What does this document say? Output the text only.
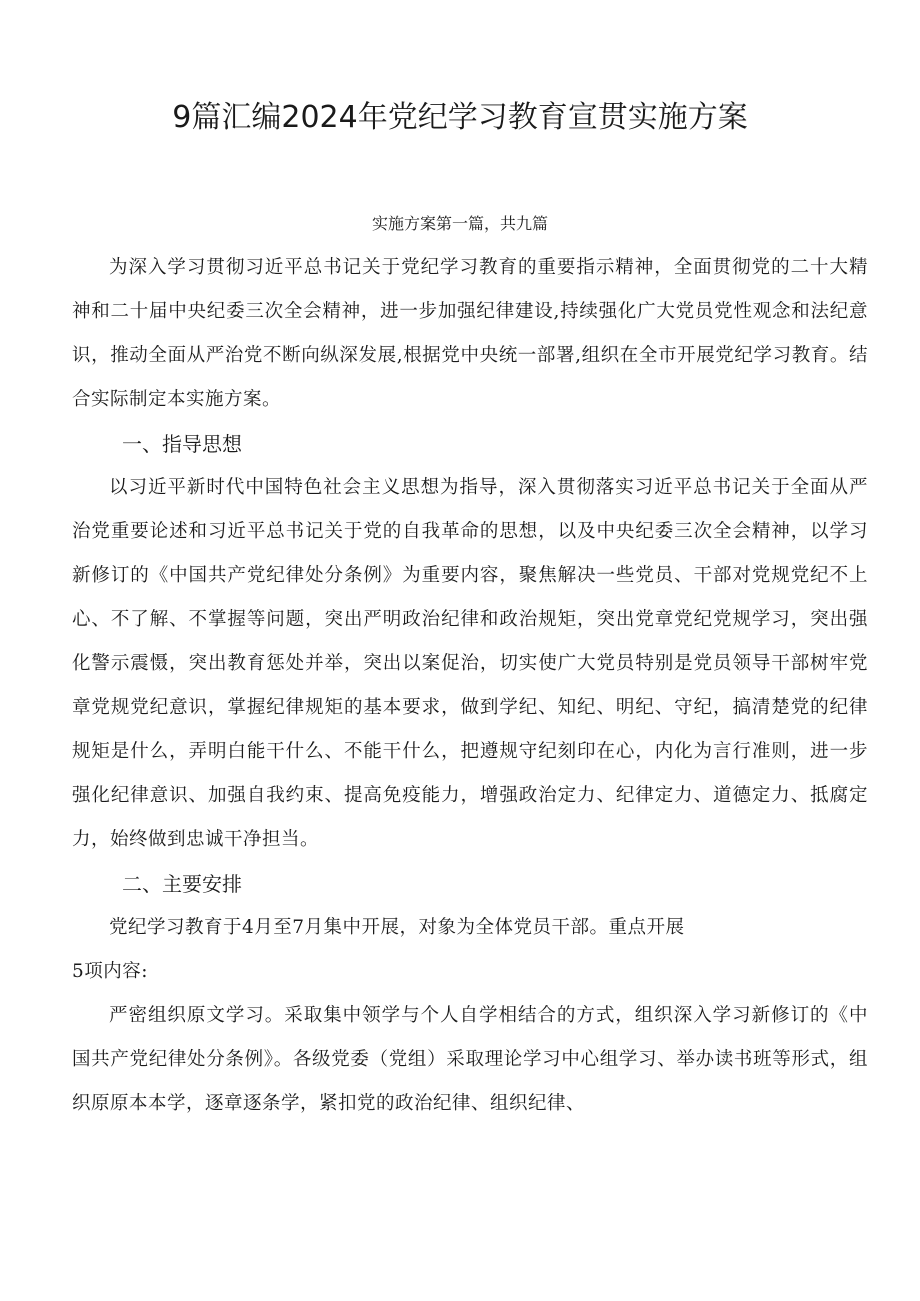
9篇汇编2024年党纪学习教育宣贯实施方案

实施方案第一篇，共九篇

为深入学习贯彻习近平总书记关于党纪学习教育的重要指示精神，全面贯彻党的二十大精神和二十届中央纪委三次全会精神，进一步加强纪律建设,持续强化广大党员党性观念和法纪意识，推动全面从严治党不断向纵深发展,根据党中央统一部署,组织在全市开展党纪学习教育。结合实际制定本实施方案。

一、指导思想

以习近平新时代中国特色社会主义思想为指导，深入贯彻落实习近平总书记关于全面从严治党重要论述和习近平总书记关于党的自我革命的思想，以及中央纪委三次全会精神，以学习新修订的《中国共产党纪律处分条例》为重要内容，聚焦解决一些党员、干部对党规党纪不上心、不了解、不掌握等问题，突出严明政治纪律和政治规矩，突出党章党纪党规学习，突出强化警示震慑，突出教育惩处并举，突出以案促治，切实使广大党员特别是党员领导干部树牢党章党规党纪意识，掌握纪律规矩的基本要求，做到学纪、知纪、明纪、守纪，搞清楚党的纪律规矩是什么，弄明白能干什么、不能干什么，把遵规守纪刻印在心，内化为言行准则，进一步强化纪律意识、加强自我约束、提高免疫能力，增强政治定力、纪律定力、道德定力、抵腐定力，始终做到忠诚干净担当。

二、主要安排

党纪学习教育于4月至7月集中开展，对象为全体党员干部。重点开展

5项内容:

严密组织原文学习。采取集中领学与个人自学相结合的方式，组织深入学习新修订的《中国共产党纪律处分条例》。各级党委（党组）采取理论学习中心组学习、举办读书班等形式，组织原原本本学，逐章逐条学，紧扣党的政治纪律、组织纪律、
